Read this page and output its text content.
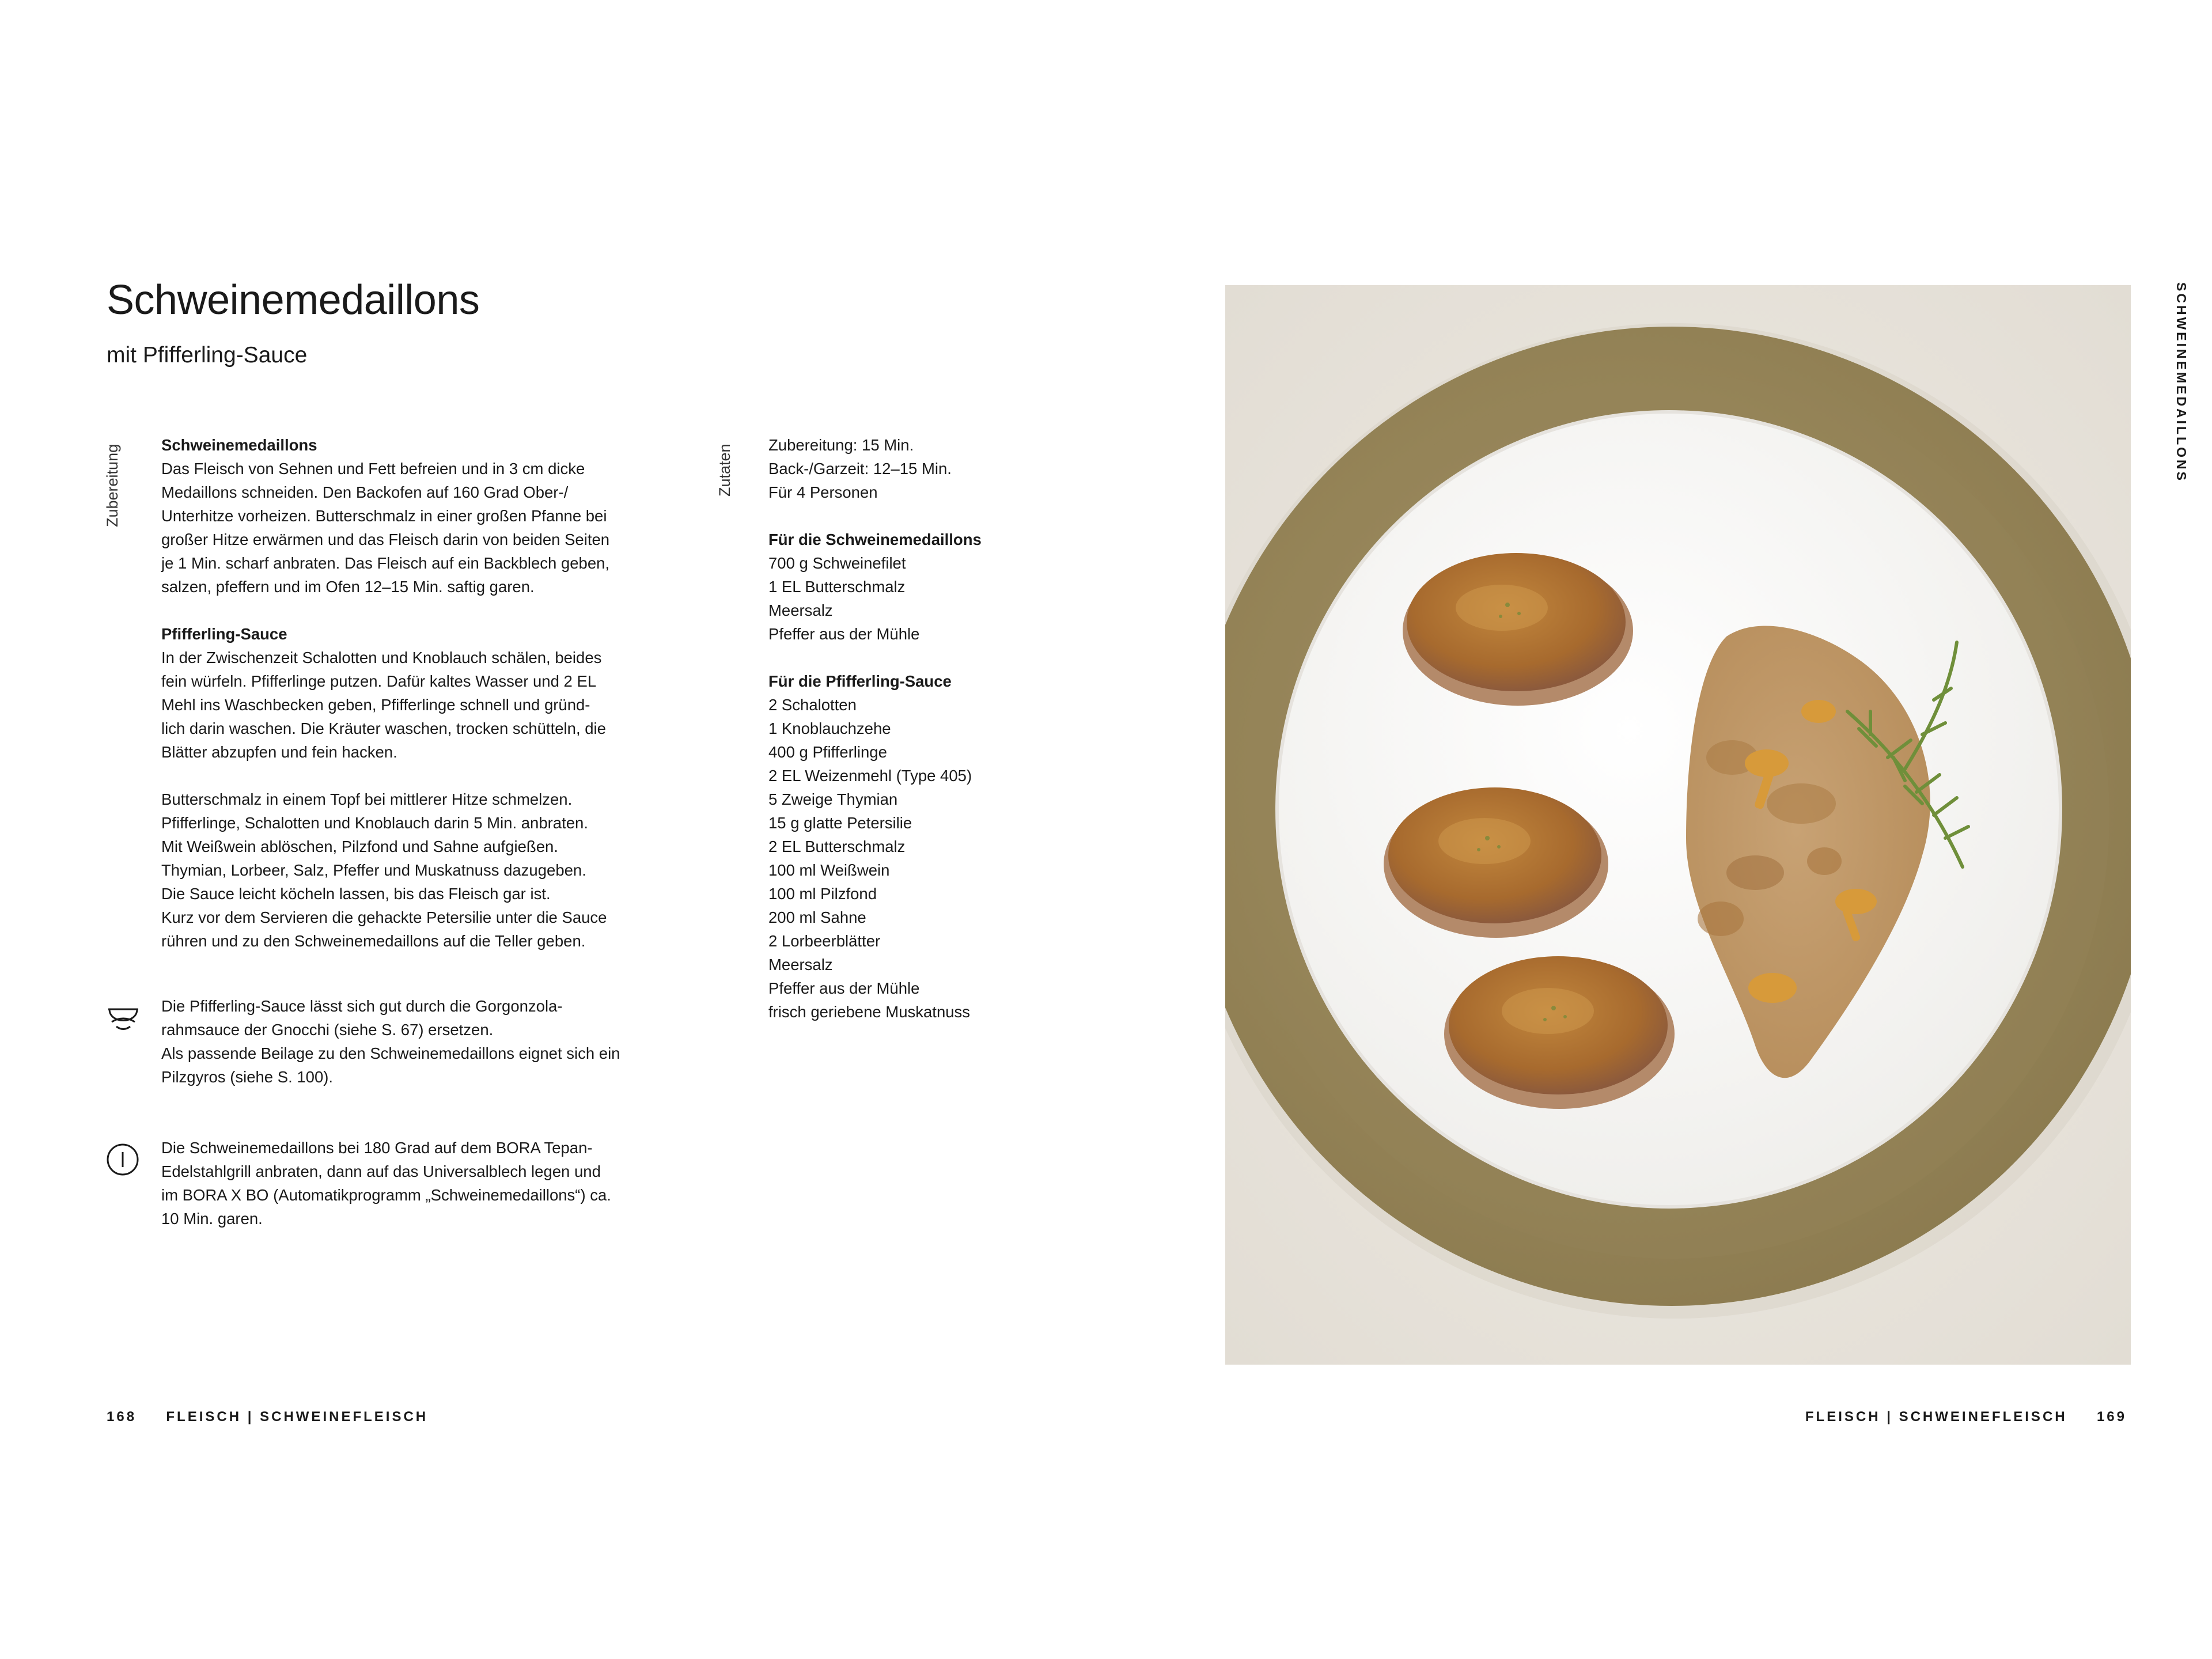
Schweinemedaillons
mit Pfifferling-Sauce
Zubereitung	Zutaten

Schweinemedaillons

Das Fleisch von Sehnen und Fett befreien und in 3 cm dicke
Medaillons schneiden. Den Backofen auf 160 Grad Ober-/
Unterhitze vorheizen. Butterschmalz in einer großen Pfanne bei
großer Hitze erwärmen und das Fleisch darin von beiden Seiten
je 1 Min. scharf anbraten. Das Fleisch auf ein Backblech geben,
salzen, pfeffern und im Ofen 12–15 Min. saftig garen.

Pfifferling-Sauce

In der Zwischenzeit Schalotten und Knoblauch schälen, beides
fein würfeln. Pfifferlinge putzen. Dafür kaltes Wasser und 2 EL
Mehl ins Waschbecken geben, Pfifferlinge schnell und gründ-
lich darin waschen. Die Kräuter waschen, trocken schütteln, die
Blätter abzupfen und fein hacken.
Butterschmalz in einem Topf bei mittlerer Hitze schmelzen.
Pfifferlinge, Schalotten und Knoblauch darin 5 Min. anbraten.
Mit Weißwein ablöschen, Pilzfond und Sahne aufgießen.
Thymian, Lorbeer, Salz, Pfeffer und Muskatnuss dazugeben.
Die Sauce leicht köcheln lassen, bis das Fleisch gar ist.
Kurz vor dem Servieren die gehackte Petersilie unter die Sauce
rühren und zu den Schweinemedaillons auf die Teller geben.
Die Pfifferling-Sauce lässt sich gut durch die Gorgonzola-
rahmsauce der Gnocchi (siehe S. 67) ersetzen.
Als passende Beilage zu den Schweinemedaillons eignet sich ein
Pilzgyros (siehe S. 100).
Die Schweinemedaillons bei 180 Grad auf dem BORA Tepan-
Edelstahlgrill anbraten, dann auf das Universalblech legen und
im BORA X BO (Automatikprogramm „Schweinemedaillons“) ca.
10 Min. garen.
Zubereitung: 15 Min.
Back-/Garzeit: 12–15 Min.
Für 4 Personen
Für die Schweinemedaillons
700 g Schweinefilet
1 EL Butterschmalz
Meersalz
Pfeffer aus der Mühle
Für die Pfifferling-Sauce
2 Schalotten
1 Knoblauchzehe
400 g Pfifferlinge
2 EL Weizenmehl (Type 405)
5 Zweige Thymian
15 g glatte Petersilie
2 EL Butterschmalz
100 ml Weißwein
100 ml Pilzfond
200 ml Sahne
2 Lorbeerblätter
Meersalz
Pfeffer aus der Mühle
frisch geriebene Muskatnuss
SCHWEINEMEDAILLONS
168 FLEISCH | SCHWEINEFLEISCH	FLEISCH | SCHWEINEFLEISCH 169
